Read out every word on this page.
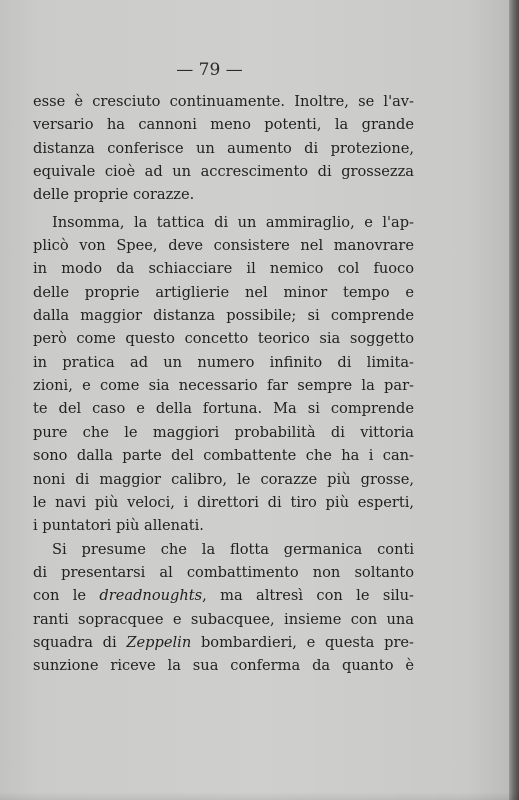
— 79 —
esse è cresciuto continuamente. Inoltre, se l'av-
versario ha cannoni meno potenti, la grande
distanza conferisce un aumento di protezione,
equivale cioè ad un accrescimento di grossezza
delle proprie corazze.
Insomma, la tattica di un ammiraglio, e l'ap-
plicò von Spee, deve consistere nel manovrare
in modo da schiacciare il nemico col fuoco
delle proprie artiglierie nel minor tempo e
dalla maggior distanza possibile; si comprende
però come questo concetto teorico sia soggetto
in pratica ad un numero infinito di limita-
zioni, e come sia necessario far sempre la par-
te del caso e della fortuna. Ma si comprende
pure che le maggiori probabilità di vittoria
sono dalla parte del combattente che ha i can-
noni di maggior calibro, le corazze più grosse,
le navi più veloci, i direttori di tiro più esperti,
i puntatori più allenati.
Si presume che la flotta germanica conti
di presentarsi al combattimento non soltanto
con le dreadnoughts, ma altresì con le silu-
ranti sopracquee e subacquee, insieme con una
squadra di Zeppelin bombardieri, e questa pre-
sunzione riceve la sua conferma da quanto è
